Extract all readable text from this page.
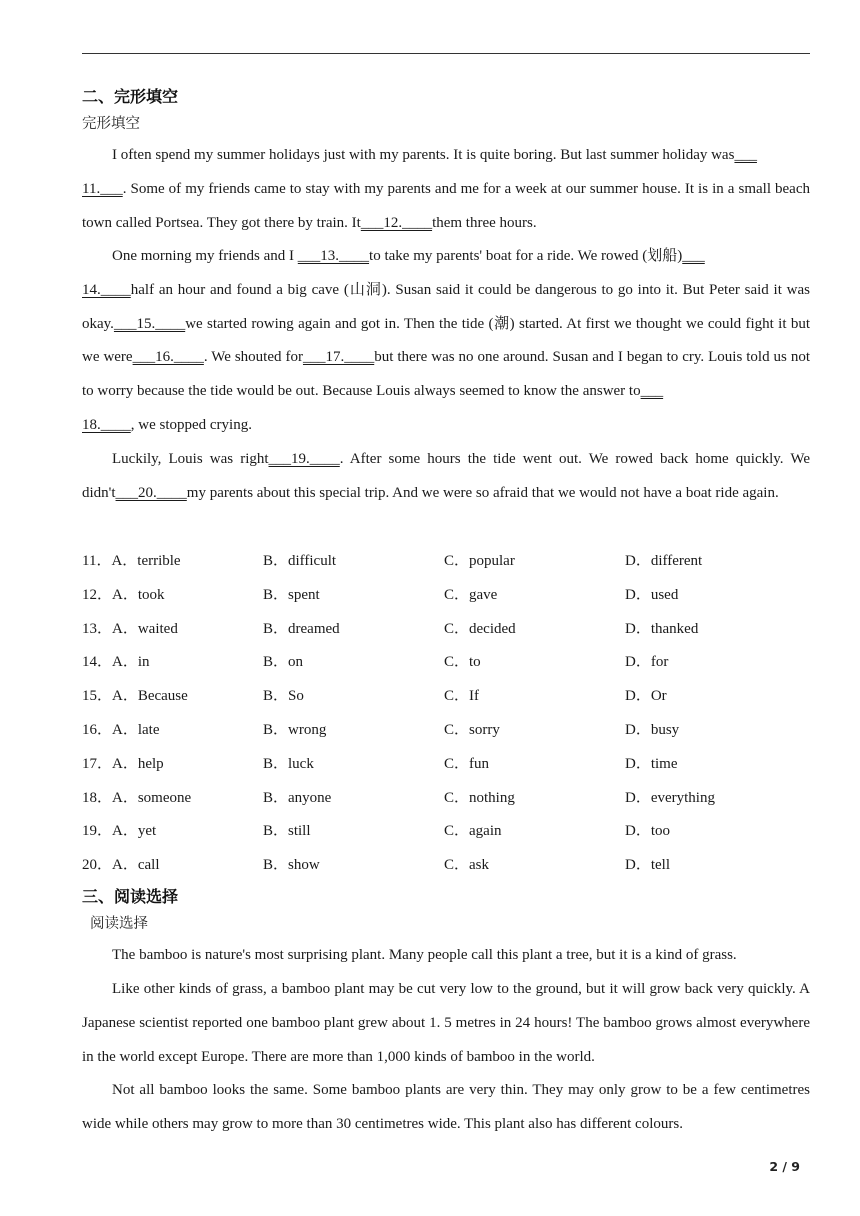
二、完形填空
完形填空

I often spend my summer holidays just with my parents. It is quite boring. But last summer holiday was___
11.___. Some of my friends came to stay with my parents and me for a week at our summer house. It is in a small beach town called Portsea. They got there by train. It___12.____them three hours.

One morning my friends and I ___13.____to take my parents' boat for a ride. We rowed (划船)___
14.____half an hour and found a big cave (山洞). Susan said it could be dangerous to go into it. But Peter said it was okay.___15.____we started rowing again and got in. Then the tide (潮) started. At first we thought we could fight it but we were___16.____. We shouted for___17.____but there was no one around. Susan and I began to cry. Louis told us not to worry because the tide would be out. Because Louis always seemed to know the answer to___
18.____, we stopped crying.

Luckily, Louis was right___19.____. After some hours the tide went out. We rowed back home quickly. We didn't___20.____my parents about this special trip. And we were so afraid that we would not have a boat ride again.

11．A．terrible	B．difficult	C．popular	D．different
12．A．took	B．spent	C．gave	D．used
13．A．waited	B．dreamed	C．decided	D．thanked
14．A．in	B．on	C．to	D．for
15．A．Because	B．So	C．If	D．Or
16．A．late	B．wrong	C．sorry	D．busy
17．A．help	B．luck	C．fun	D．time
18．A．someone	B．anyone	C．nothing	D．everything
19．A．yet	B．still	C．again	D．too
20．A．call	B．show	C．ask	D．tell
三、阅读选择
阅读选择

The bamboo is nature's most surprising plant. Many people call this plant a tree, but it is a kind of grass.

Like other kinds of grass, a bamboo plant may be cut very low to the ground, but it will grow back very quickly. A Japanese scientist reported one bamboo plant grew about 1. 5 metres in 24 hours! The bamboo grows almost everywhere in the world except Europe. There are more than 1,000 kinds of bamboo in the world.

Not all bamboo looks the same. Some bamboo plants are very thin. They may only grow to be a few centimetres wide while others may grow to more than 30 centimetres wide. This plant also has different colours.

2 / 9
